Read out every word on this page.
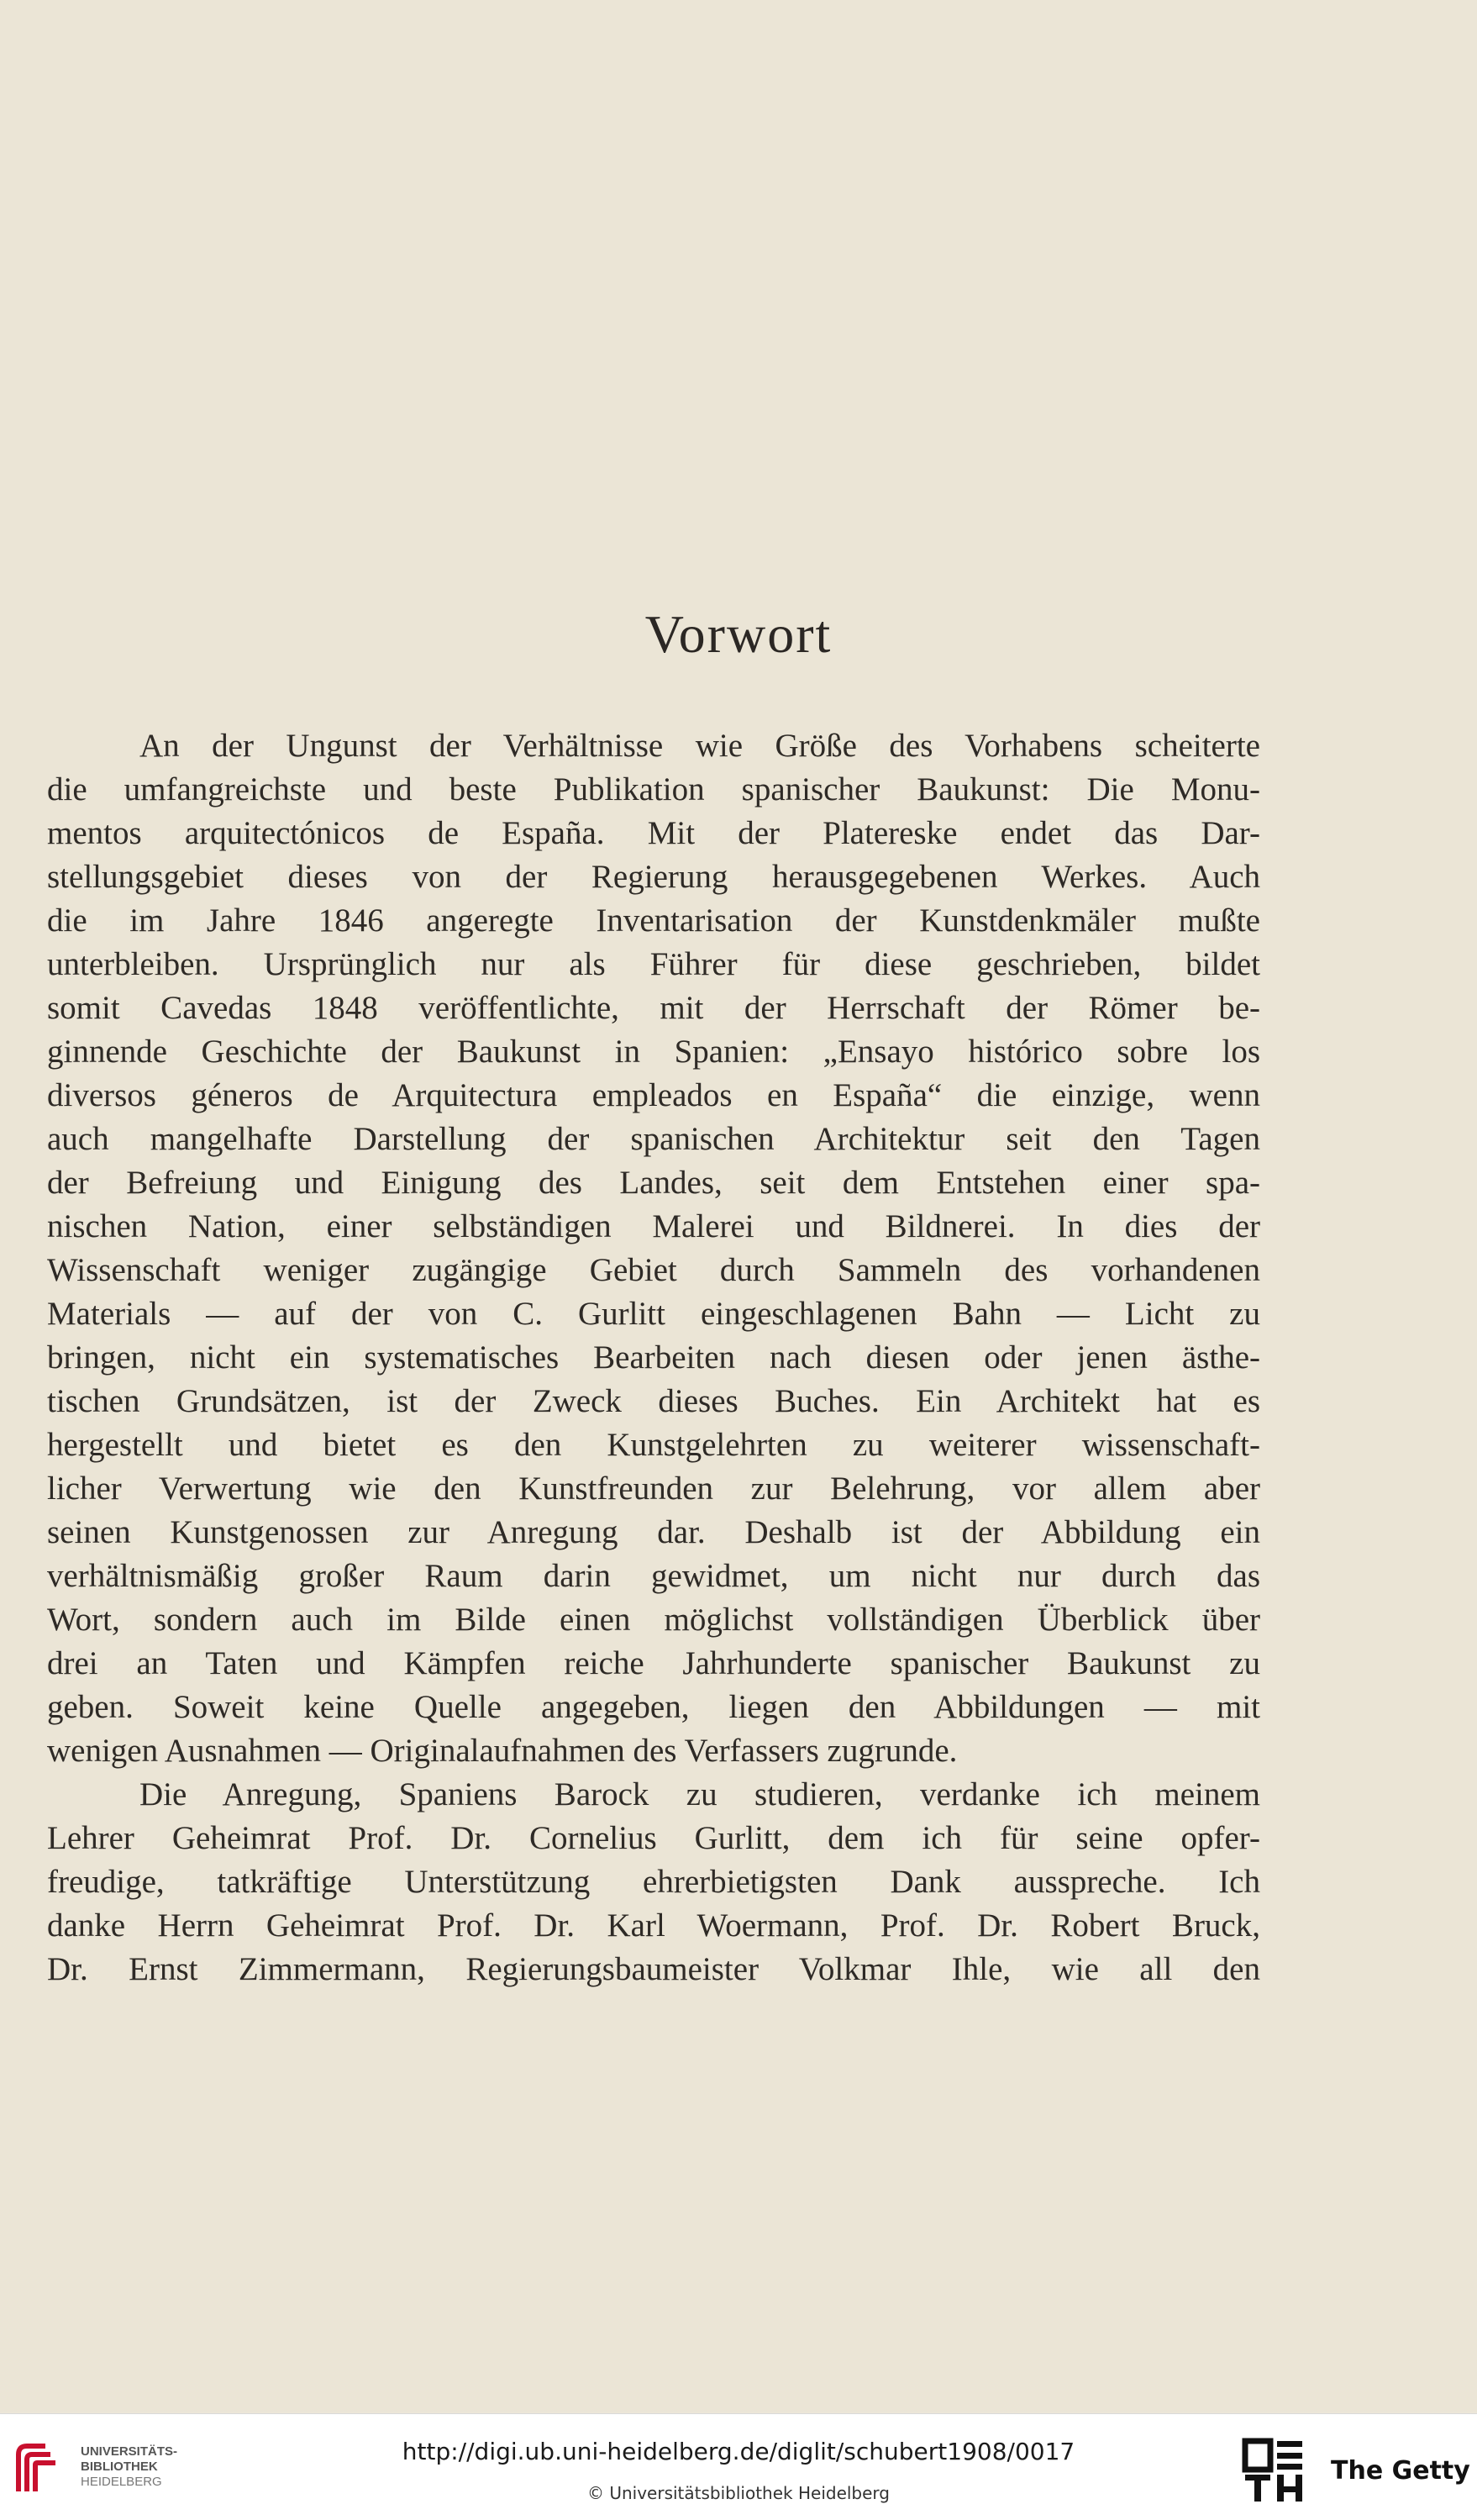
Vorwort
An der Ungunst der Verhältnisse wie Größe des Vorhabens scheiterte
die umfangreichste und beste Publikation spanischer Baukunst: Die Monu-
mentos arquitectónicos de España. Mit der Platereske endet das Dar-
stellungsgebiet dieses von der Regierung herausgegebenen Werkes. Auch
die im Jahre 1846 angeregte Inventarisation der Kunstdenkmäler mußte
unterbleiben. Ursprünglich nur als Führer für diese geschrieben, bildet
somit Cavedas 1848 veröffentlichte, mit der Herrschaft der Römer be-
ginnende Geschichte der Baukunst in Spanien: „Ensayo histórico sobre los
diversos géneros de Arquitectura empleados en España“ die einzige, wenn
auch mangelhafte Darstellung der spanischen Architektur seit den Tagen
der Befreiung und Einigung des Landes, seit dem Entstehen einer spa-
nischen Nation, einer selbständigen Malerei und Bildnerei. In dies der
Wissenschaft weniger zugängige Gebiet durch Sammeln des vorhandenen
Materials — auf der von C. Gurlitt eingeschlagenen Bahn — Licht zu
bringen, nicht ein systematisches Bearbeiten nach diesen oder jenen ästhe-
tischen Grundsätzen, ist der Zweck dieses Buches. Ein Architekt hat es
hergestellt und bietet es den Kunstgelehrten zu weiterer wissenschaft-
licher Verwertung wie den Kunstfreunden zur Belehrung, vor allem aber
seinen Kunstgenossen zur Anregung dar. Deshalb ist der Abbildung ein
verhältnismäßig großer Raum darin gewidmet, um nicht nur durch das
Wort, sondern auch im Bilde einen möglichst vollständigen Überblick über
drei an Taten und Kämpfen reiche Jahrhunderte spanischer Baukunst zu
geben. Soweit keine Quelle angegeben, liegen den Abbildungen — mit
wenigen Ausnahmen — Originalaufnahmen des Verfassers zugrunde.
Die Anregung, Spaniens Barock zu studieren, verdanke ich meinem
Lehrer Geheimrat Prof. Dr. Cornelius Gurlitt, dem ich für seine opfer-
freudige, tatkräftige Unterstützung ehrerbietigsten Dank ausspreche. Ich
danke Herrn Geheimrat Prof. Dr. Karl Woermann, Prof. Dr. Robert Bruck,
Dr. Ernst Zimmermann, Regierungsbaumeister Volkmar Ihle, wie all den
UNIVERSITÄTS-
BIBLIOTHEK
HEIDELBERG
http://digi.ub.uni-heidelberg.de/diglit/schubert1908/0017
© Universitätsbibliothek Heidelberg
The Getty
